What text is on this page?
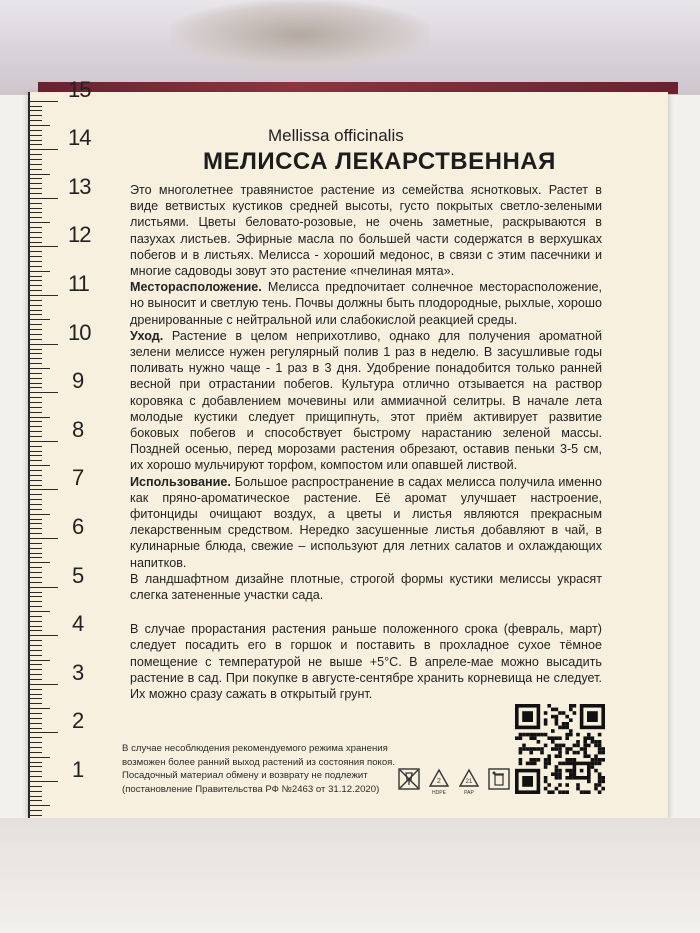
1
2
3
4
5
6
7
8
9
10
11
12
13
14
15
Mellissa officinalis
МЕЛИССА ЛЕКАРСТВЕННАЯ

Это многолетнее травянистое растение из семейства яснотковых. Растет в виде ветвистых кустиков средней высоты, густо покрытых светло-зелеными листьями. Цветы беловато-розовые, не очень заметные, раскрываются в пазухах листьев. Эфирные масла по большей части содержатся в верхушках побегов и в листьях. Мелисса - хороший медонос, в связи с этим пасечники и многие садоводы зовут это растение «пчелиная мята».

Месторасположение. Мелисса предпочитает солнечное месторасположение, но выносит и светлую тень. Почвы должны быть плодородные, рыхлые, хорошо дренированные с нейтральной или слабокислой реакцией среды.

Уход. Растение в целом неприхотливо, однако для получения ароматной зелени мелиссе нужен регулярный полив 1 раз в неделю. В засушливые годы поливать нужно чаще - 1 раз в 3 дня. Удобрение понадобится только ранней весной при отрастании побегов. Культура отлично отзывается на раствор коровяка с добавлением мочевины или аммиачной селитры. В начале лета молодые кустики следует прищипнуть, этот приём активирует развитие боковых побегов и способствует быстрому нарастанию зеленой массы. Поздней осенью, перед морозами растения обрезают, оставив пеньки 3-5 см, их хорошо мульчируют торфом, компостом или опавшей листвой.

Использование. Большое распространение в садах мелисса получила именно как пряно-ароматическое растение. Её аромат улучшает настроение, фитонциды очищают воздух, а цветы и листья являются прекрасным лекарственным средством. Нередко засушенные листья добавляют в чай, в кулинарные блюда, свежие – используют для летних салатов и охлаждающих напитков.

В ландшафтном дизайне плотные, строгой формы кустики мелиссы украсят слегка затененные участки сада.

В случае прорастания растения раньше положенного срока (февраль, март) следует посадить его в горшок и поставить в прохладное сухое тёмное помещение с температурой не выше +5°С. В апреле-мае можно высадить растение в сад. При покупке в августе-сентябре хранить корневища не следует. Их можно сразу сажать в открытый грунт.

В случае несоблюдения рекомендуемого режима хранения
возможен более ранний выход растений из состояния покоя.
Посадочный материал обмену и возврату не подлежит
(постановление Правительства РФ №2463 от 31.12.2020)
2
HDPE
21
PAP
